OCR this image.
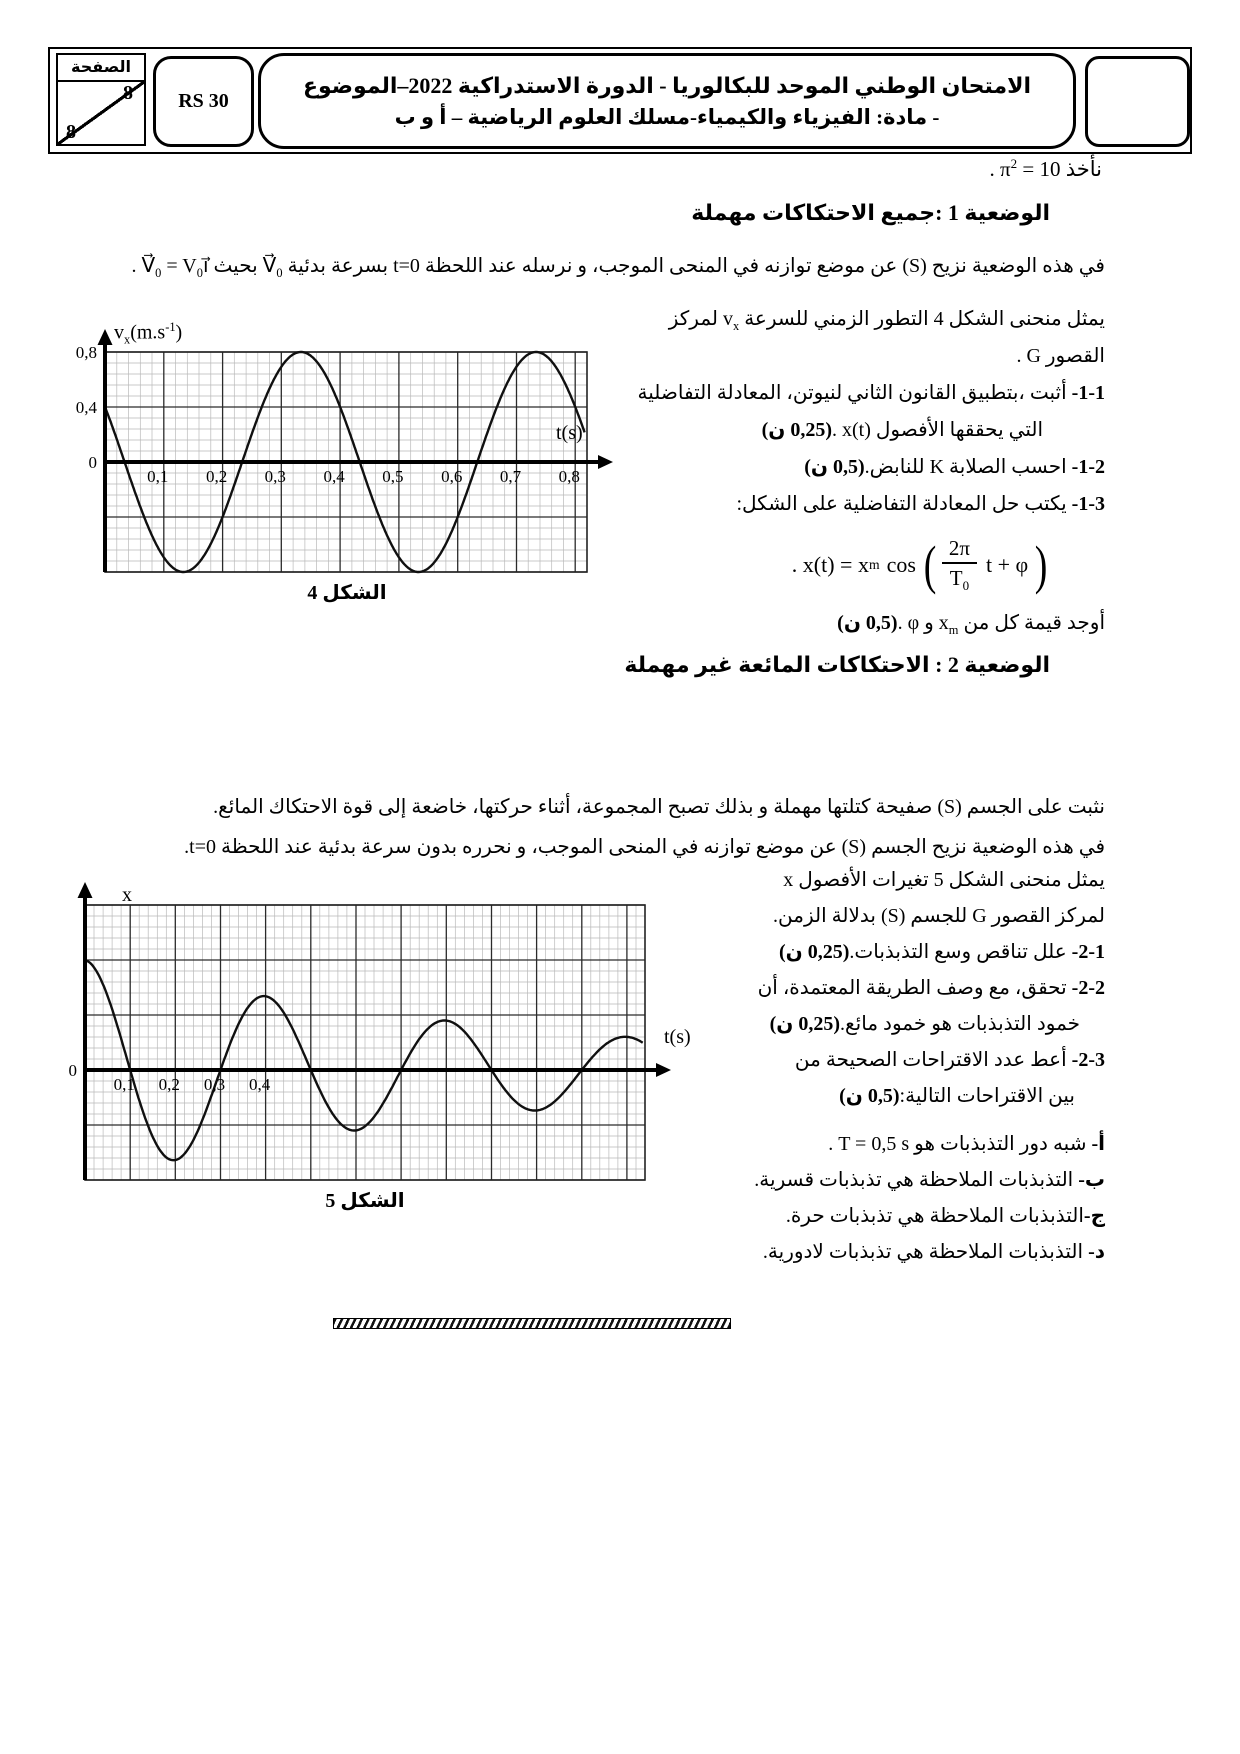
الصفحة
8
8
RS 30
الامتحان الوطني الموحد للبكالوريا - الدورة الاستدراكية 2022–الموضوع
- مادة: الفيزياء والكيمياء-مسلك العلوم الرياضية – أ و ب
نأخذ $‪\pi^2$ = 10‬ .
الوضعية 1 :جميع الاحتكاكات مهملة
في هذه الوضعية نزيح (S) عن موضع توازنه في المنحى الموجب، و نرسله عند اللحظة ‪t=0‬ بسرعة بدئية $V⃗_0$ بحيث $‪V⃗_0$ = $V_0i⃗‬$ .
يمثل منحنى الشكل 4 التطور الزمني للسرعة $v_x$ لمركز
القصور G .
1-1- أثبت ،بتطبيق القانون الثاني لنيوتن، المعادلة التفاضلية
التي يحققها الأفصول ‪x(t)‬ .(0,25 ن)
1-2- احسب الصلابة K للنابض.(0,5 ن)
1-3- يكتب حل المعادلة التفاضلية على الشكل:
. x(t) = x m cos ( $\frac{2\pi}{T_0}$ t + φ )
أوجد قيمة كل من $x_m$ و φ .(0,5 ن)
0,1 0,2 0,3 0,4 0,5 0,6 0,7 0,8
0,8
0,4
0
$v_x(m.s^{-1})$
t(s)
الشكل 4
الوضعية 2 : الاحتكاكات المائعة غير مهملة
نثبت على الجسم (S) صفيحة كتلتها مهملة و بذلك تصبح المجموعة، أثناء حركتها، خاضعة إلى قوة الاحتكاك المائع.
في هذه الوضعية نزيح الجسم (S) عن موضع توازنه في المنحى الموجب، و نحرره بدون سرعة بدئية عند اللحظة ‪t=0‬.
يمثل منحنى الشكل 5 تغيرات الأفصول x
لمركز القصور G للجسم (S) بدلالة الزمن.
2-1- علل تناقص وسع التذبذبات.(0,25 ن)
2-2- تحقق، مع وصف الطريقة المعتمدة، أن
خمود التذبذبات هو خمود مائع.(0,25 ن)
2-3- أعط عدد الاقتراحات الصحيحة من
بين الاقتراحات التالية:(0,5 ن)
أ- شبه دور التذبذبات هو ‪T = 0,5 s‬ .
ب- التذبذبات الملاحظة هي تذبذبات قسرية.
ج-التذبذبات الملاحظة هي تذبذبات حرة.
د- التذبذبات الملاحظة هي تذبذبات لادورية.
0,1 0,2 0,3 0,4
0
x
t(s)
الشكل 5
